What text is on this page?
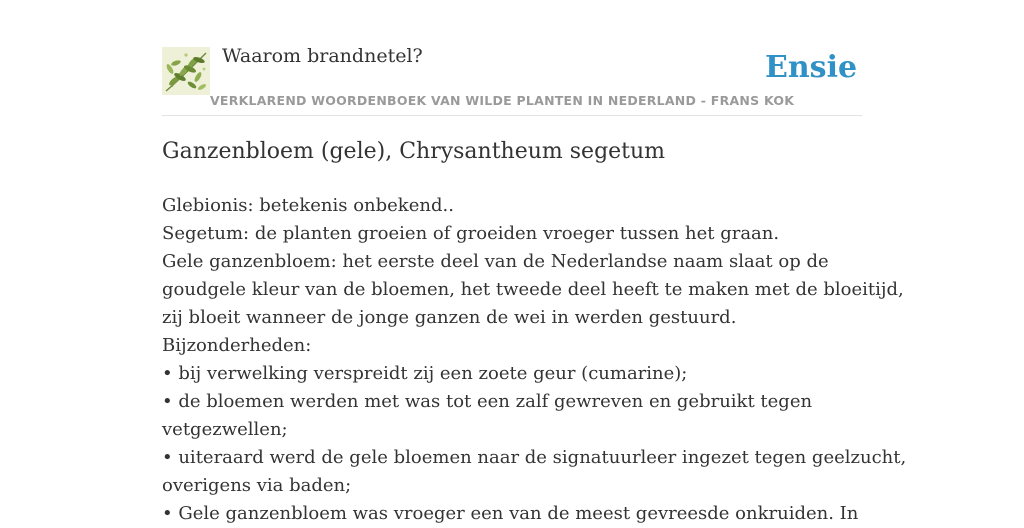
Waarom brandnetel?	Ensie
VERKLAREND WOORDENBOEK VAN WILDE PLANTEN IN NEDERLAND - FRANS KOK
Ganzenbloem (gele), Chrysantheum segetum
Glebionis: betekenis onbekend..
Segetum: de planten groeien of groeiden vroeger tussen het graan.
Gele ganzenbloem: het eerste deel van de Nederlandse naam slaat op de
goudgele kleur van de bloemen, het tweede deel heeft te maken met de bloeitijd,
zij bloeit wanneer de jonge ganzen de wei in werden gestuurd.
Bijzonderheden:
• bij verwelking verspreidt zij een zoete geur (cumarine);
• de bloemen werden met was tot een zalf gewreven en gebruikt tegen
vetgezwellen;
• uiteraard werd de gele bloemen naar de signatuurleer ingezet tegen geelzucht,
overigens via baden;
• Gele ganzenbloem was vroeger een van de meest gevreesde onkruiden. In
